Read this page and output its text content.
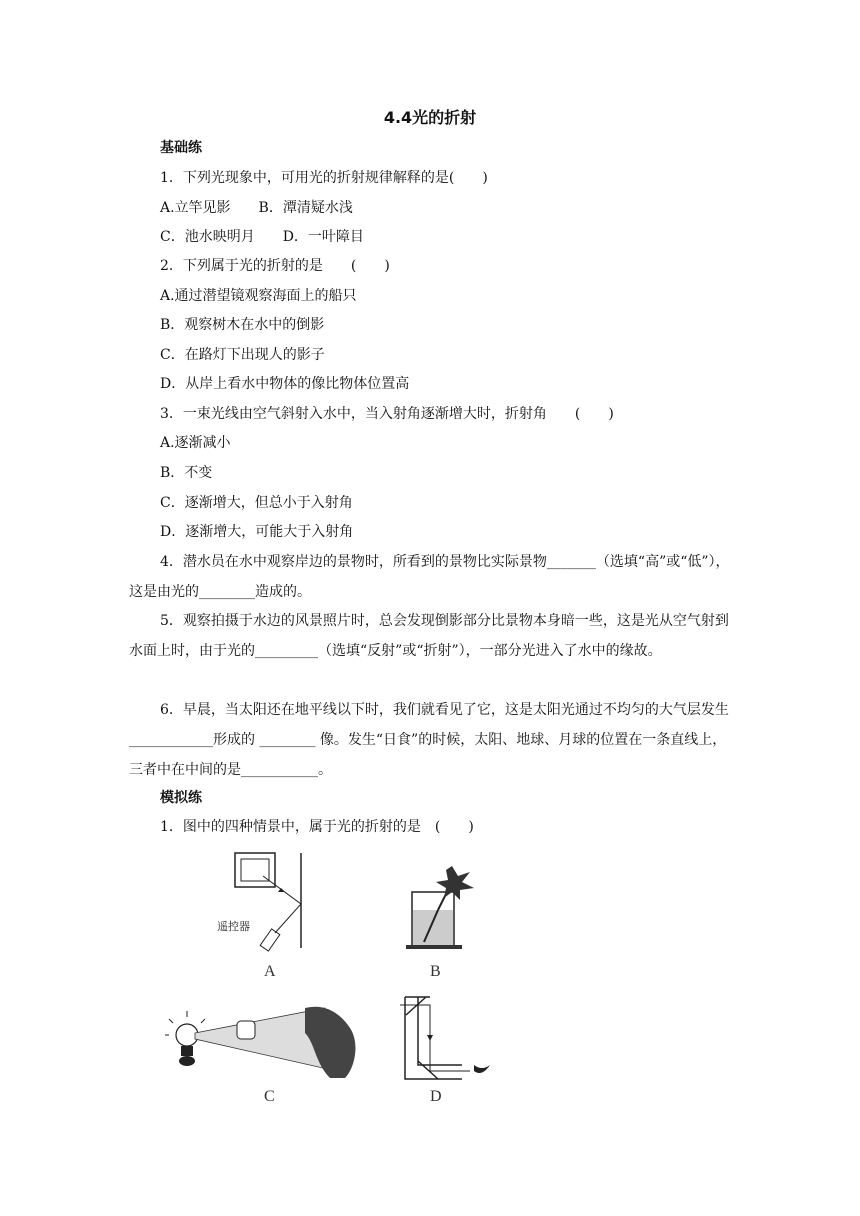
4.4光的折射
基础练
1．下列光现象中，可用光的折射规律解释的是(　　)
A.立竿见影　　B．潭清疑水浅
C．池水映明月　　D．一叶障目
2．下列属于光的折射的是　　(　　)
A.通过潜望镜观察海面上的船只
B．观察树木在水中的倒影
C．在路灯下出现人的影子
D．从岸上看水中物体的像比物体位置高
3．一束光线由空气斜射入水中，当入射角逐渐增大时，折射角　　(　　)
A.逐渐减小
B．不变
C．逐渐增大，但总小于入射角
D．逐渐增大，可能大于入射角
4．潜水员在水中观察岸边的景物时，所看到的景物比实际景物_______（选填“高”或“低”），这是由光的________造成的。
5．观察拍摄于水边的风景照片时，总会发现倒影部分比景物本身暗一些，这是光从空气射到水面上时，由于光的_________（选填“反射”或“折射”），一部分光进入了水中的缘故。
6．早晨，当太阳还在地平线以下时，我们就看见了它，这是太阳光通过不均匀的大气层发生____________形成的 ________ 像。发生“日食”的时候，太阳、地球、月球的位置在一条直线上，三者中在中间的是___________。
模拟练
1．图中的四种情景中，属于光的折射的是　(　　)
遥控器
A	B
C	D
